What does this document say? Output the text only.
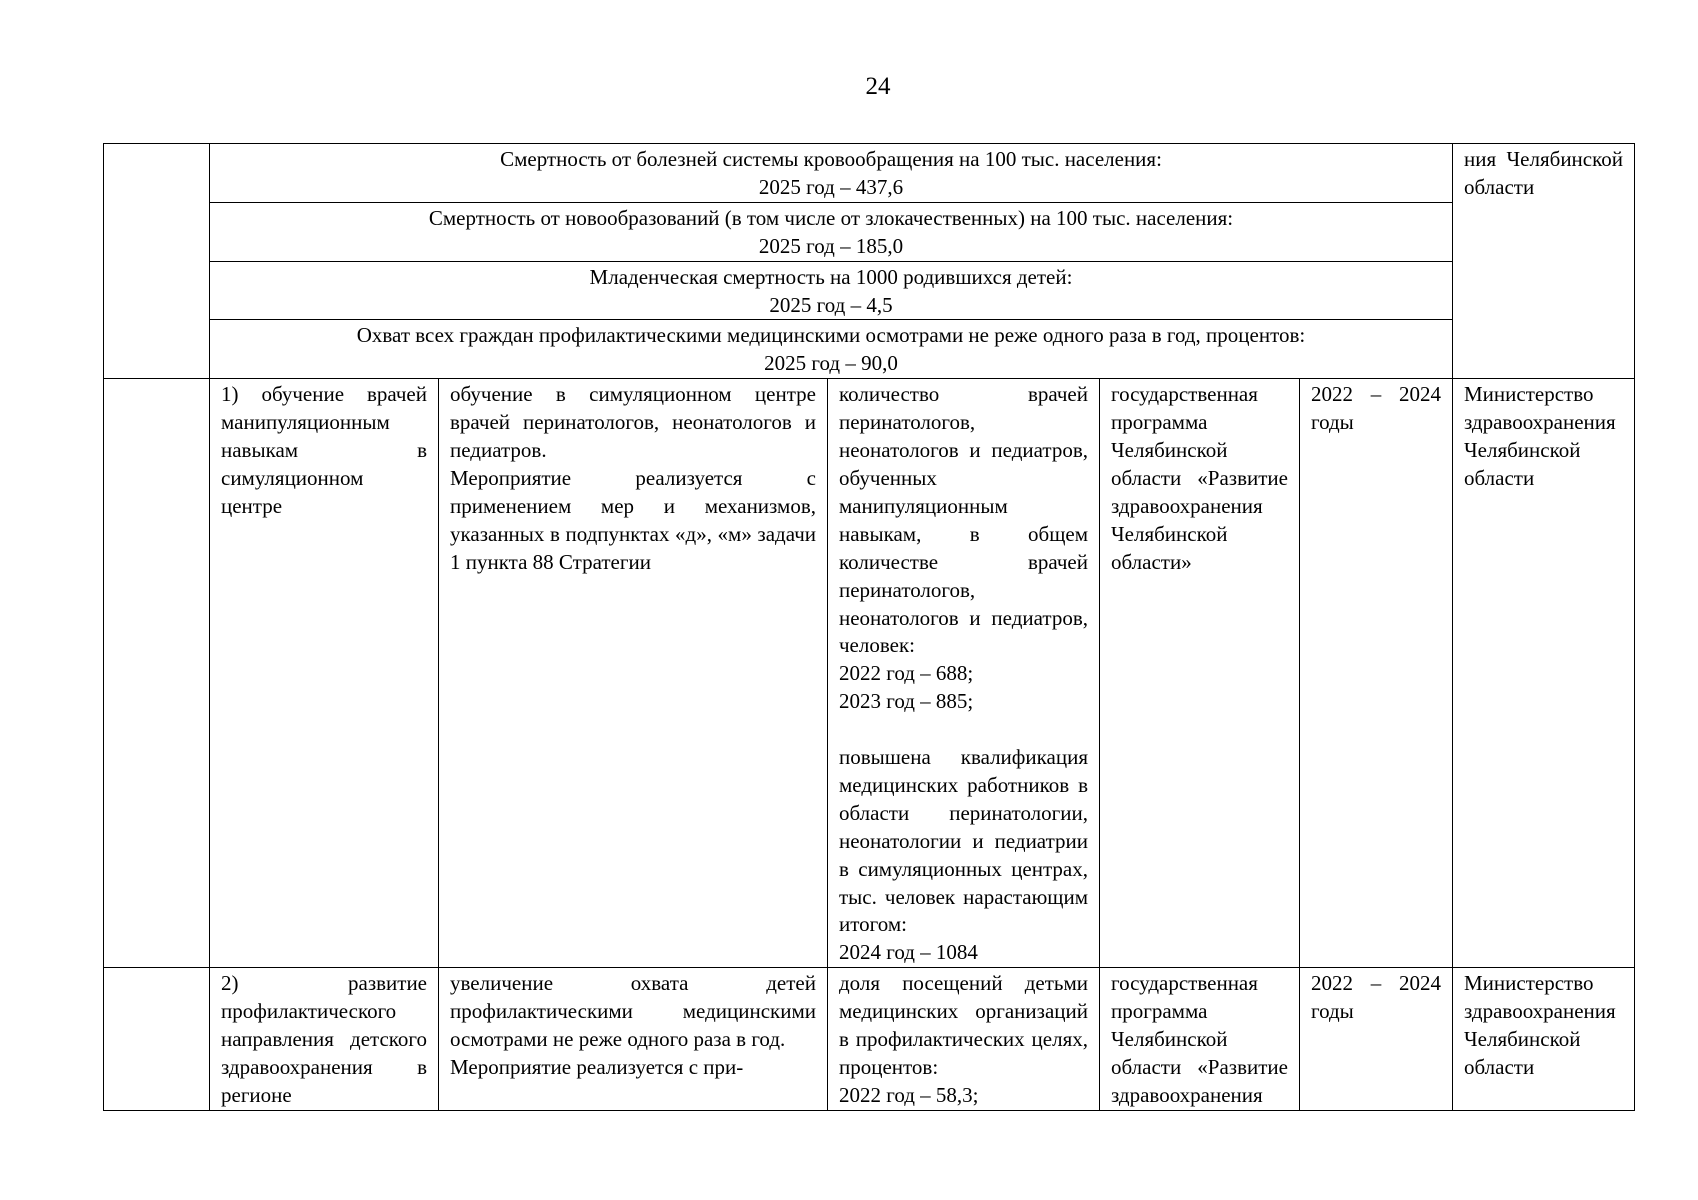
24

	Смертность от болезней системы кровообращения на 100 тыс. населения:
2025 год – 437,6					ния Челябинской области

	Смертность от новообразований (в том числе от злокачественных) на 100 тыс. населения:
2025 год – 185,0					

	Младенческая смертность на 1000 родившихся детей:
2025 год – 4,5					

	Охват всех граждан профилактическими медицинскими осмотрами не реже одного раза в год, процентов:
2025 год – 90,0					

	1) обучение врачей манипуляционным навыкам в симуляционном центре	обучение в симуляционном центре врачей перинатологов, неонатологов и педиатров.
Мероприятие реализуется с применением мер и механизмов, указанных в подпунктах «д», «м» задачи 1 пункта 88 Стратегии	количество врачей перинатологов, неонатологов и педиатров, обученных манипуляционным навыкам, в общем количестве врачей перинатологов, неонатологов и педиатров, человек:
2022 год – 688;
2023 год – 885;
повышена квалификация медицинских работников в области перинатологии, неонатологии и педиатрии в симуляционных центрах, тыс. человек нарастающим итогом:
2024 год – 1084	государственная программа Челябинской области «Развитие здравоохранения Челябинской области»	2022 – 2024 годы	Министерство здравоохранения Челябинской области
	2) развитие профилактического направления детского здравоохранения в регионе	увеличение охвата детей профилактическими медицинскими осмотрами не реже одного раза в год.
Мероприятие реализуется с при-	доля посещений детьми медицинских организаций в профилактических целях, процентов:
2022 год – 58,3;	государственная программа Челябинской области «Развитие здравоохранения	2022 – 2024 годы	Министерство здравоохранения Челябинской области
